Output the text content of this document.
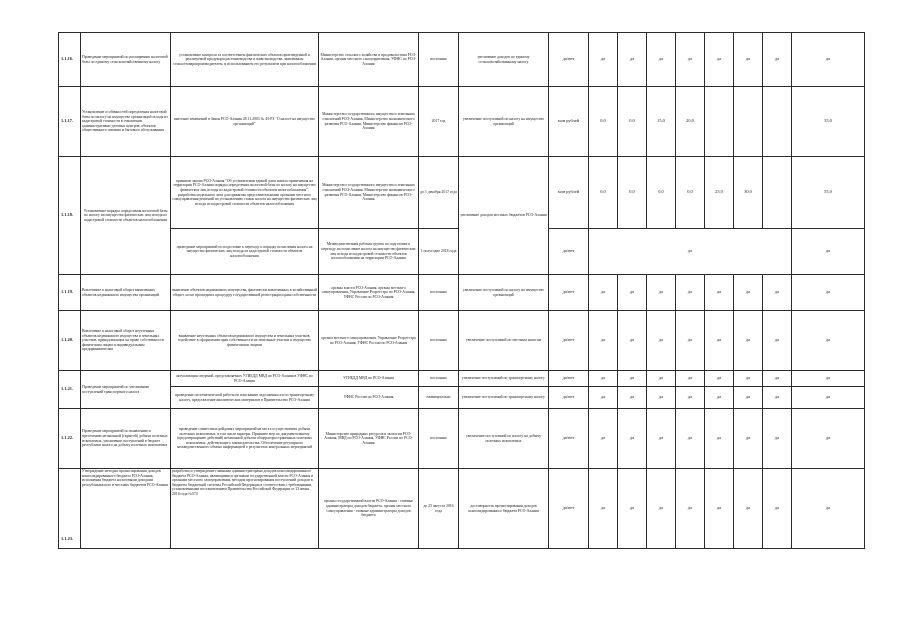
1.1.16.	Проведение мероприятий по расширению налоговой базы по единому сельскохозяйственному налогу	установление контроля за соответствием фактических объемов произведенной и реализуемой продукции растениеводства и животноводства, заявленным сельхозтоваропроизводителем, и использованием его результатов при налогообложении	Министерство сельского хозяйства и продовольствия РСО-Алания, органы местного самоуправления, УФНС по РСО-Алания	постоянно	увеличение доходов по единому сельскохозяйственному налогу	да/нет	да	да	да	да	да	да	да	да
1.1.17.	Установление особенностей определения налоговой базы по налогу на имущество организаций исходя из кадастровой стоимости в отношении административно-деловых центров, объектов общественного питания и бытового обслуживания	внесение изменений в Закон РСО-Алания 28.11.2003 № 43-РЗ "О налоге на имущество организаций"	Министерство государственного имущества и земельных отношений РСО-Алания, Министерство экономического развития РСО-Алания, Министерство финансов РСО-Алания	2017 год	увеличение поступлений по налогу на имущество организаций	млн рублей	0,0	0,0	15,0	20,0				35,0
1.1.18.	Установление порядка определения налоговой базы по налогу на имущество физических лиц исходя из кадастровой стоимости объектов налогообложения	принятие закона РСО-Алания "Об установлении единой даты начала применения на территории РСО-Алания порядка определения налоговой базы по налогу на имущество физических лиц исходя из кадастровой стоимости объектов налогообложения", разработка модельного акта для принятия представительными органами местного самоуправления решений по установлению ставок налога на имущество физических лиц исходя из кадастровой стоимости объектов налогообложения	Министерство государственного имущества и земельных отношений РСО-Алания, Министерство экономического развития РСО-Алания, Министерство финансов РСО-Алания	до 1 декабря 2017 года	увеличение доходов местных бюджетов РСО-Алания	млн рублей	0,0	0,0	0,0	0,0	25,0	30,0		55,0
		проведение мероприятий по подготовке к переходу к порядку исчисления налога на имущество физических лиц исходя из кадастровой стоимости объектов налогообложения	Межведомственная рабочая группа по подготовке к переходу на исчисление налога на имущество физических лиц исходя из кадастровой стоимости объектов налогообложения на территории РСО-Алания	1 полугодие 2018 года		да/нет	да							да
1.1.19.	Вовлечение в налоговый оборот выявленных объектов недвижимого имущества организаций	выявление объектов недвижимого имущества, фактически вовлеченных в хозяйственный оборот, но не прошедших процедуру государственной регистрации права собственности	органы власти РСО-Алания, органы местного самоуправления, Управление Росреестра по РСО-Алания, УФНС России по РСО-Алания	постоянно	увеличение поступлений по налогу на имущество организаций	да/нет	да	да	да	да	да	да	да	да
1.1.20.	Вовлечение в налоговый оборот неучтенных объектов недвижимого имущества и земельных участков, принадлежащих на праве собственности физическим лицам и индивидуальным предпринимателям	выявление неучтенных объектов недвижимого имущества и земельных участков, содействие в оформлении прав собственности на земельные участки и имущество физическими лицами	органы местного самоуправления, Управление Росреестра по РСО-Алания, УФНС России по РСО-Алания	постоянно	увеличение поступлений по местным налогам	да/нет	да	да	да	да	да	да	да	да
1.1.21.	Проведение мероприятий по увеличению поступлений транспортного налога	актуализация сведений, представляемых УГИБДД МВД по РСО-Алания в УФНС по РСО-Алания	УГИБДД МВД по РСО-Алания	постоянно	увеличение поступлений по транспортному налогу	да/нет	да	да	да	да	да	да	да	да
		проведение систематической работы по взысканию задолженности по транспортному налогу, представление аналитических материалов в Правительство РСО-Алания	УФНС России по РСО-Алания	ежеквартально	увеличение поступлений по транспортному налогу	да/нет	да	да	да	да	да	да	да	да
1.1.22.	Проведение мероприятий по выявлению и пресечению незаконной (скрытой) добычи полезных ископаемых, увеличение поступлений в бюджет республики налога на добычу полезных ископаемых	проведение совместных рейдовых мероприятий на места осуществления добычи полезных ископаемых, в том числе карьеры. Принятие мер по документальному (предотвращению действий) незаконной добычи общераспространенных полезных ископаемых, действующего законодательства. Обеспечение регулярного межведомственного обмена информацией о результатах контрольных мероприятий	Министерство природных ресурсов и экологии РСО-Алания, МВД по РСО-Алания, УФНС России по РСО-Алания	постоянно	увеличение поступлений по налогу на добычу полезных ископаемых	да/нет	да	да	да	да	да	да	да	да
1.1.23.	Утверждение методик прогнозирования доходов консолидированного бюджета РСО-Алания, исполнения бюджета налоговыми доходами республиканского и местных бюджетов РСО-Алания	разработка и утверждение главными администраторами доходов консолидированного бюджета РСО-Алания, являющимися органами государственной власти РСО-Алания и органами местного самоуправления, методик прогнозирования поступлений доходов в бюджеты бюджетной системы Российской Федерации в соответствии с требованиями, установленными постановлением Правительства Российской Федерации от 23 июня 2016 года №574	органы государственной власти РСО-Алания - главные администраторы доходов бюджета, органы местного самоуправления - главные администраторы доходов бюджета	до 25 августа 2016 года	достоверность прогнозирования доходов консолидированного бюджета РСО-Алания	да/нет	да	да	да	да	да	да	да	да
